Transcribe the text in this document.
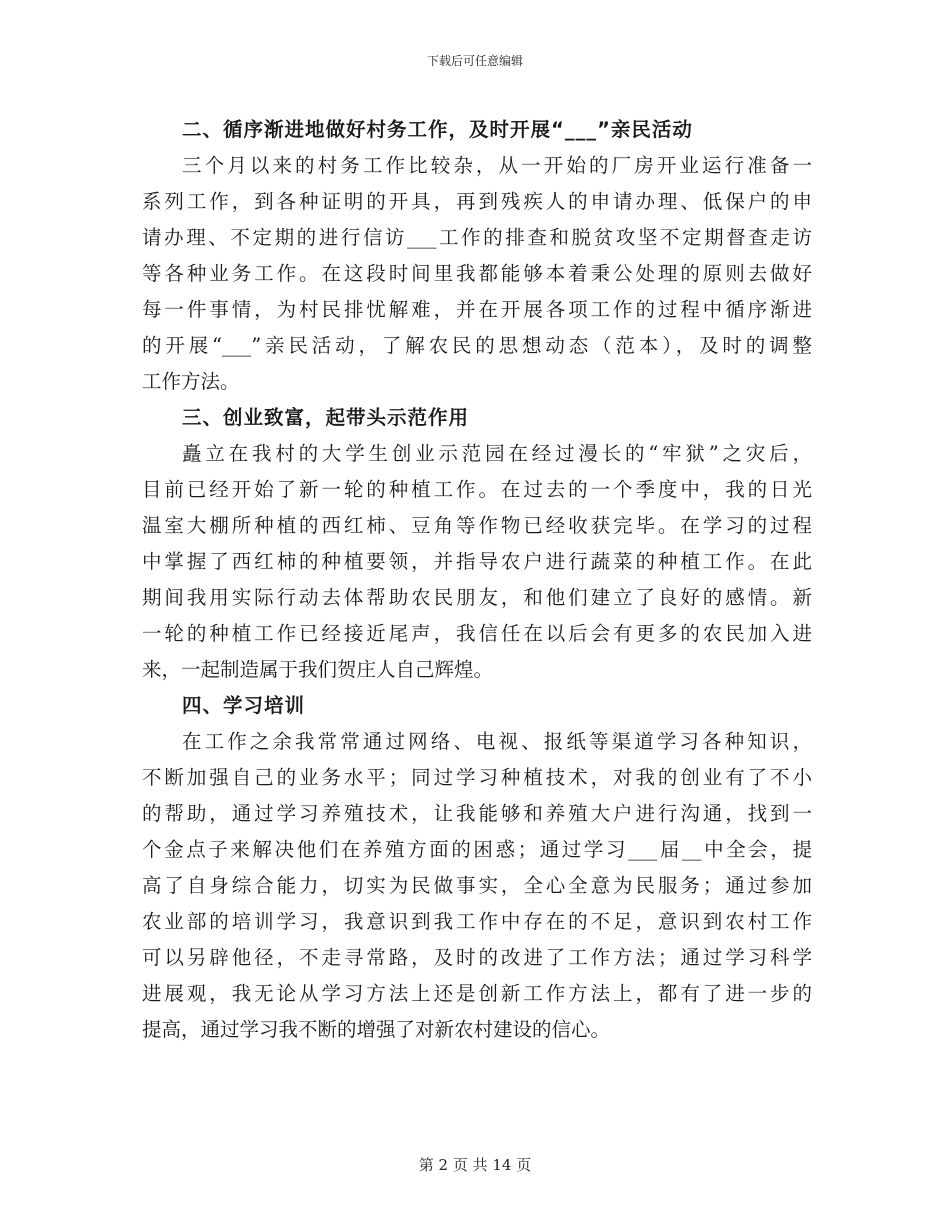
下载后可任意编辑
二、循序渐进地做好村务工作，及时开展“___”亲民活动
三个月以来的村务工作比较杂，从一开始的厂房开业运行准备一
系列工作，到各种证明的开具，再到残疾人的申请办理、低保户的申
请办理、不定期的进行信访___工作的排查和脱贫攻坚不定期督查走访
等各种业务工作。在这段时间里我都能够本着秉公处理的原则去做好
每一件事情，为村民排忧解难，并在开展各项工作的过程中循序渐进
的开展“___”亲民活动，了解农民的思想动态（范本），及时的调整
工作方法。
三、创业致富，起带头示范作用
矗立在我村的大学生创业示范园在经过漫长的“牢狱”之灾后，
目前已经开始了新一轮的种植工作。在过去的一个季度中，我的日光
温室大棚所种植的西红柿、豆角等作物已经收获完毕。在学习的过程
中掌握了西红柿的种植要领，并指导农户进行蔬菜的种植工作。在此
期间我用实际行动去体帮助农民朋友，和他们建立了良好的感情。新
一轮的种植工作已经接近尾声，我信任在以后会有更多的农民加入进
来，一起制造属于我们贺庄人自己辉煌。
四、学习培训
在工作之余我常常通过网络、电视、报纸等渠道学习各种知识，
不断加强自己的业务水平；同过学习种植技术，对我的创业有了不小
的帮助，通过学习养殖技术，让我能够和养殖大户进行沟通，找到一
个金点子来解决他们在养殖方面的困惑；通过学习___届__中全会，提
高了自身综合能力，切实为民做事实，全心全意为民服务；通过参加
农业部的培训学习，我意识到我工作中存在的不足，意识到农村工作
可以另辟他径，不走寻常路，及时的改进了工作方法；通过学习科学
进展观，我无论从学习方法上还是创新工作方法上，都有了进一步的
提高，通过学习我不断的增强了对新农村建设的信心。
第 2 页 共 14 页
